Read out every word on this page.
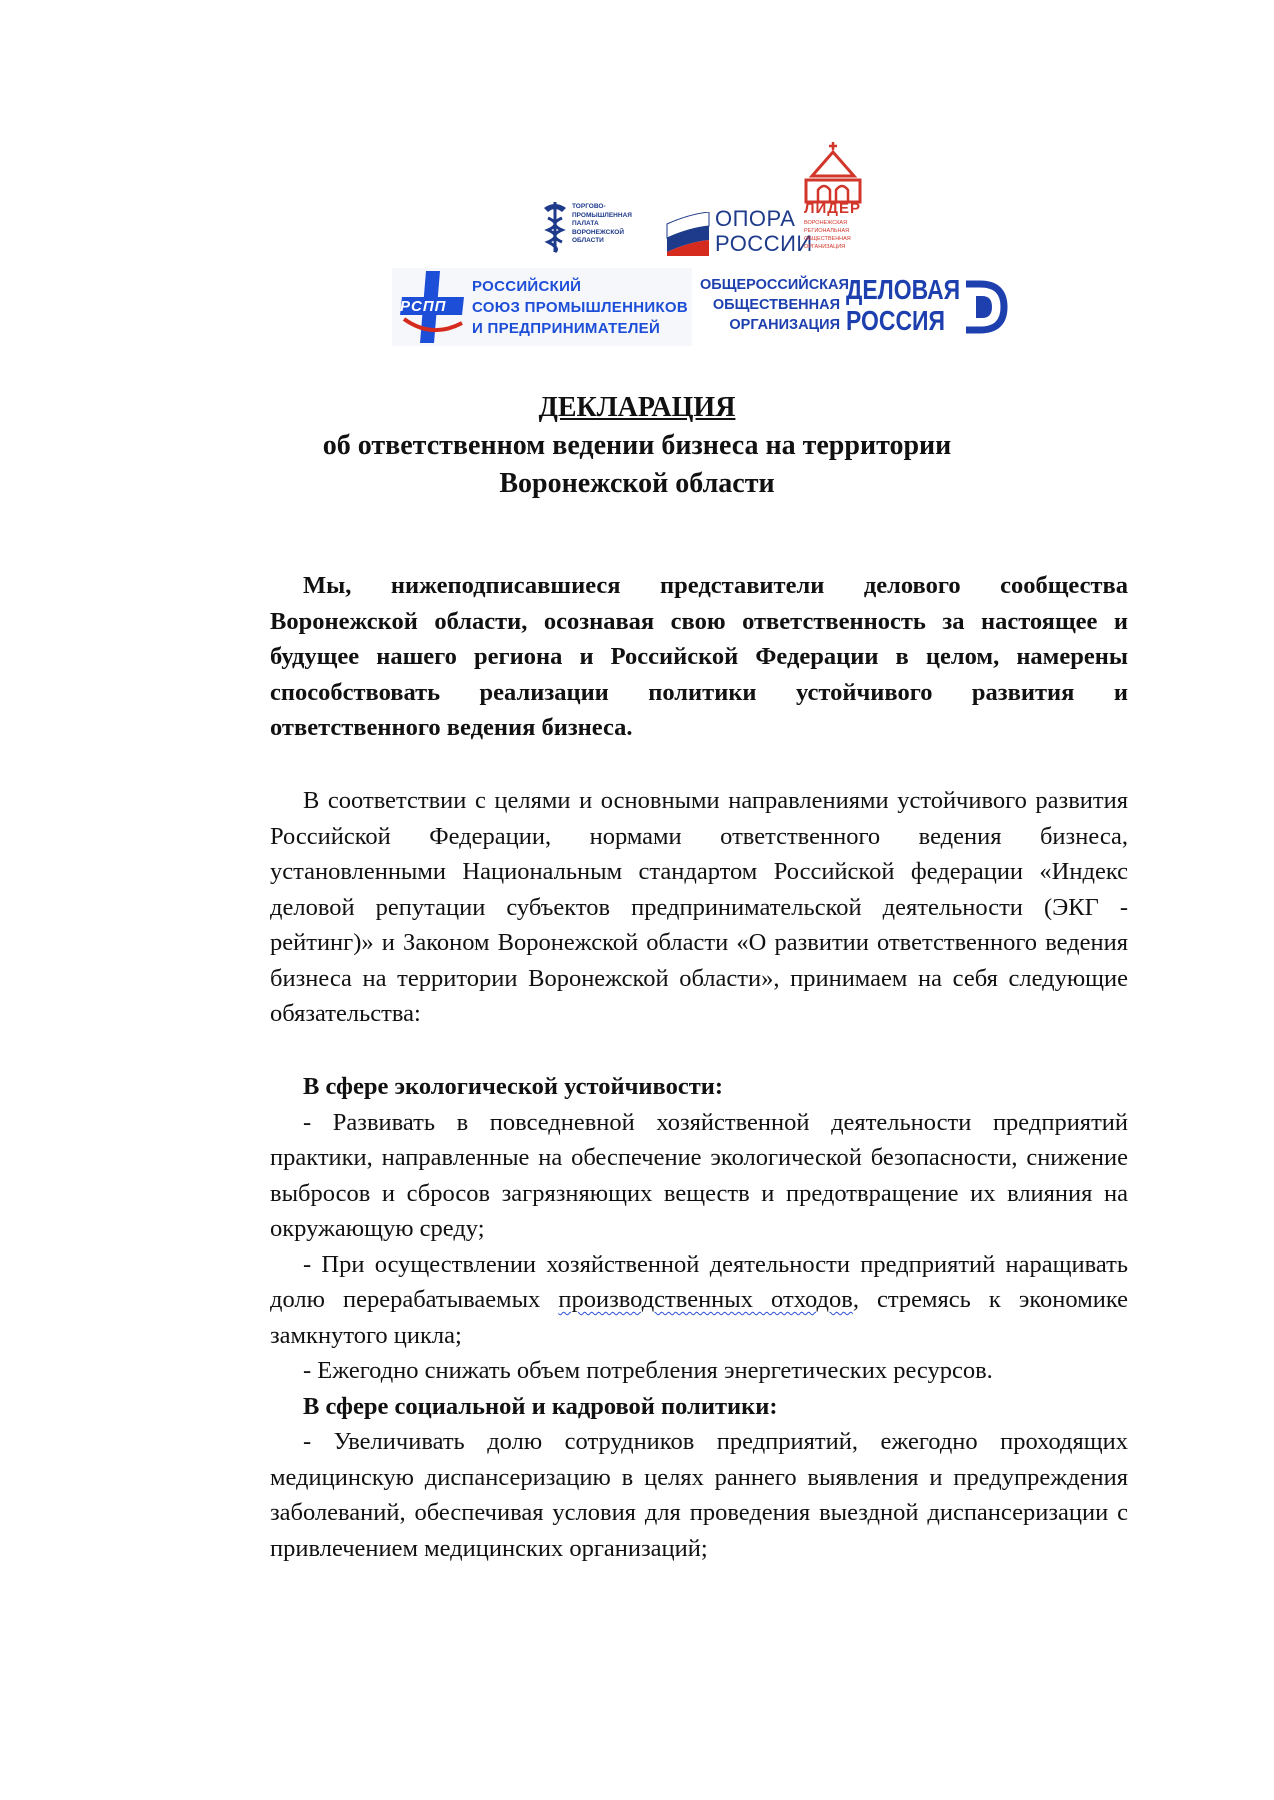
ТОРГОВО-
ПРОМЫШЛЕННАЯ
ПАЛАТА
ВОРОНЕЖСКОЙ
ОБЛАСТИ
ОПОРА
РОССИИ
ЛИДЕР
ВОРОНЕЖСКАЯ
РЕГИОНАЛЬНАЯ
ОБЩЕСТВЕННАЯ
ОРГАНИЗАЦИЯ
РСПП
РОССИЙСКИЙ
СОЮЗ ПРОМЫШЛЕННИКОВ
И ПРЕДПРИНИМАТЕЛЕЙ
ОБЩЕРОССИЙСКАЯ
ОБЩЕСТВЕННАЯ
ОРГАНИЗАЦИЯ
ДЕЛОВАЯ
РОССИЯ
ДЕКЛАРАЦИЯ
об ответственном ведении бизнеса на территории
Воронежской области

Мы, нижеподписавшиеся представители делового сообщества Воронежской области, осознавая свою ответственность за настоящее и будущее нашего региона и Российской Федерации в целом, намерены способствовать реализации политики устойчивого развития и ответственного ведения бизнеса.

В соответствии с целями и основными направлениями устойчивого развития Российской Федерации, нормами ответственного ведения бизнеса, установленными Национальным стандартом Российской федерации «Индекс деловой репутации субъектов предпринимательской деятельности (ЭКГ - рейтинг)» и Законом Воронежской области «О развитии ответственного ведения бизнеса на территории Воронежской области», принимаем на себя следующие обязательства:

В сфере экологической устойчивости:

- Развивать в повседневной хозяйственной деятельности предприятий практики, направленные на обеспечение экологической безопасности, снижение выбросов и сбросов загрязняющих веществ и предотвращение их влияния на окружающую среду;

- При осуществлении хозяйственной деятельности предприятий наращивать долю перерабатываемых производственных отходов, стремясь к экономике замкнутого цикла;

- Ежегодно снижать объем потребления энергетических ресурсов.

В сфере социальной и кадровой политики:

- Увеличивать долю сотрудников предприятий, ежегодно проходящих медицинскую диспансеризацию в целях раннего выявления и предупреждения заболеваний, обеспечивая условия для проведения выездной диспансеризации с привлечением медицинских организаций;
